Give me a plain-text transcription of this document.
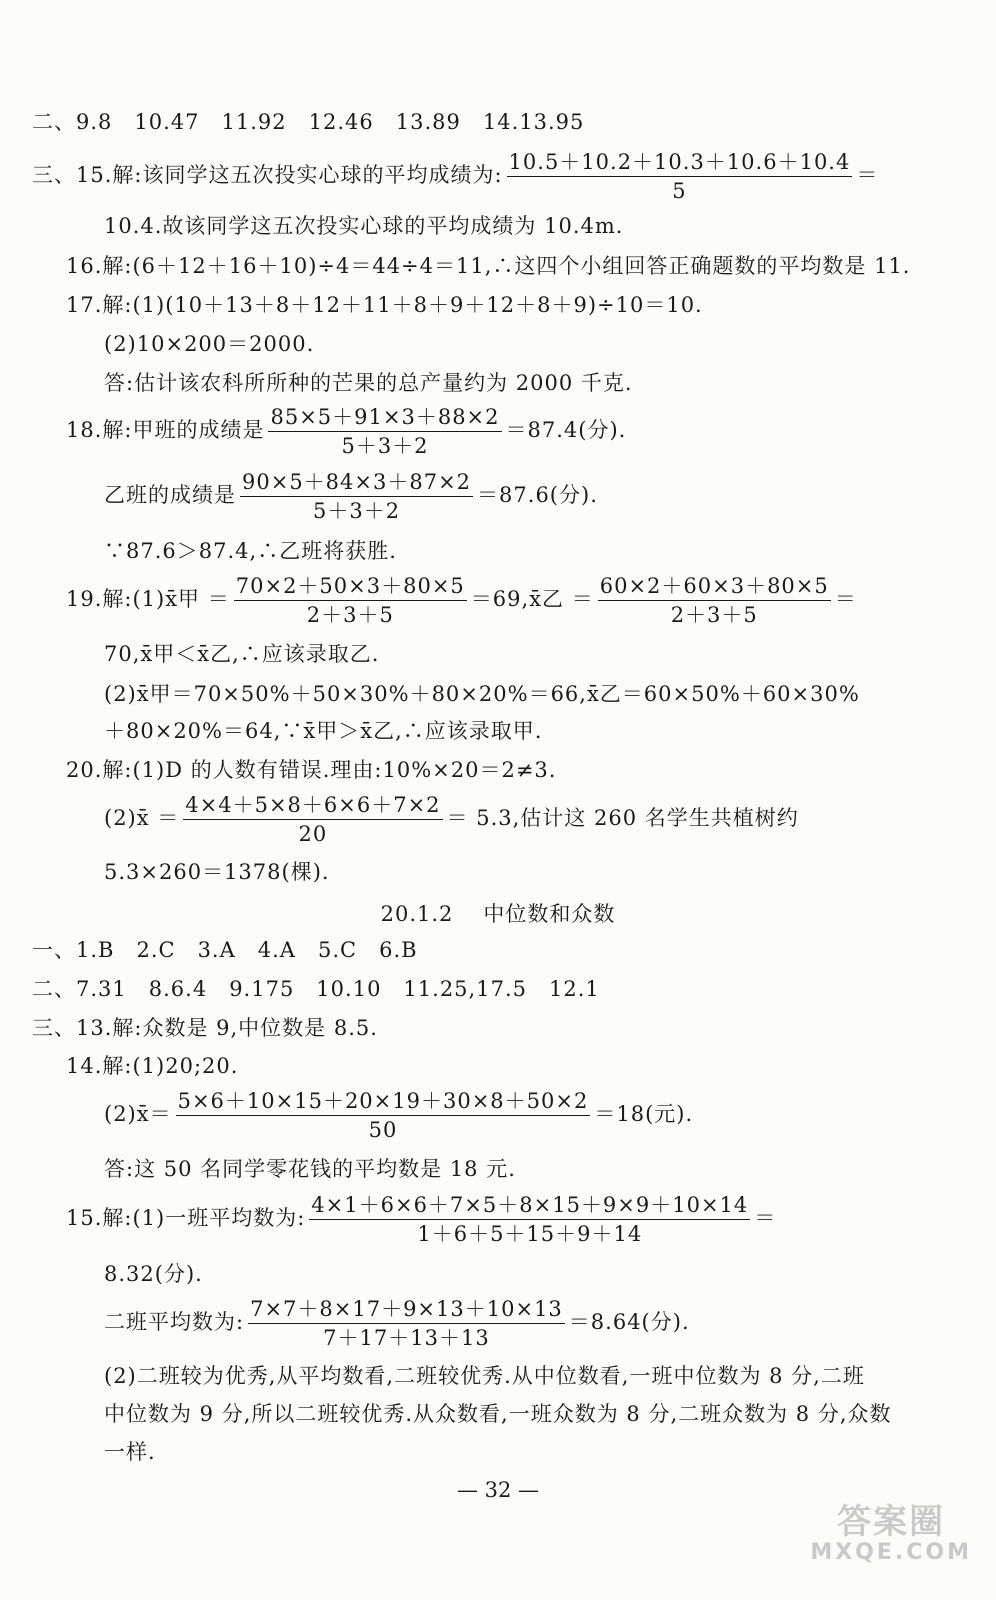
二、9.8　10.47　11.92　12.46　13.89　14.13.95
三、15.解:该同学这五次投实心球的平均成绩为: $\frac{10.5+10.2+10.3+10.6+10.4}{5}$ ＝
10.4.故该同学这五次投实心球的平均成绩为 10.4m.
16.解:(6＋12＋16＋10)÷4＝44÷4＝11,∴这四个小组回答正确题数的平均数是 11.
17.解:(1)(10＋13＋8＋12＋11＋8＋9＋12＋8＋9)÷10＝10.
(2)10×200＝2000.
答:估计该农科所所种的芒果的总产量约为 2000 千克.
18.解:甲班的成绩是 $\frac{85\times 5+91\times 3+88\times 2}{5+3+2} =87.4$(分).
乙班的成绩是 $\frac{90\times 5+84\times 3+87\times 2}{5+3+2} =87.6$(分).
∵87.6＞87.4,∴乙班将获胜.
19.解:(1)x̄甲 ＝ $\frac{70\times 2+50\times 3+80\times 5}{2+3+5}$ ＝69,x̄乙 ＝ $\frac{60\times 2+60\times 3+80\times 5}{2+3+5}$ ＝
70,x̄甲＜x̄乙,∴应该录取乙.
(2)x̄甲＝70×50%＋50×30%＋80×20%＝66,x̄乙＝60×50%＋60×30%
＋80×20%＝64,∵x̄甲＞x̄乙,∴应该录取甲.
20.解:(1)D 的人数有错误.理由:10%×20＝2≠3.
(2)x̄ ＝ $\frac{4\times 4+5\times 8+6\times 6+7\times 2}{20} = 5.3$,估计这 260 名学生共植树约
5.3×260＝1378(棵).
20.1.2 中位数和众数
一、1.B　2.C　3.A　4.A　5.C　6.B
二、7.31　8.6.4　9.175　10.10　11.25,17.5　12.1
三、13.解:众数是 9,中位数是 8.5.
14.解:(1)20;20.
(2)x̄＝ $\frac{5\times 6+10\times 15+20\times 19+30\times 8+50\times 2}{50} =18$(元).
答:这 50 名同学零花钱的平均数是 18 元.
15.解:(1)一班平均数为: $\frac{4\times 1+6\times 6+7\times 5+8\times 15+9\times 9+10\times 14}{1+6+5+15+9+14}$ ＝
8.32(分).
二班平均数为: $\frac{7\times 7+8\times 17+9\times 13+10\times 13}{7+17+13+13} =8.64$(分).
(2)二班较为优秀,从平均数看,二班较优秀.从中位数看,一班中位数为 8 分,二班
中位数为 9 分,所以二班较优秀.从众数看,一班众数为 8 分,二班众数为 8 分,众数
一样.
— 32 —
答案圈
MXQE.COM
